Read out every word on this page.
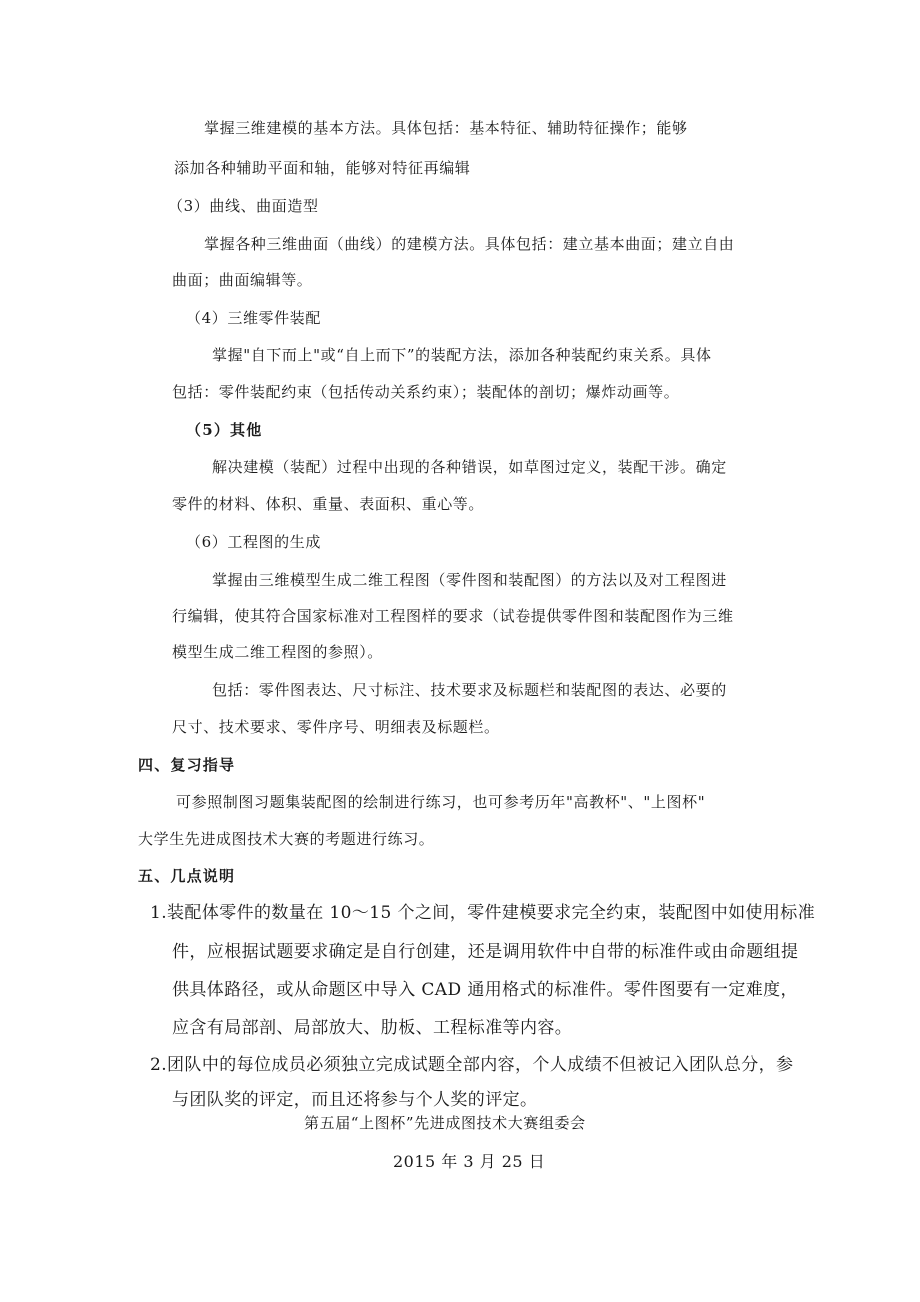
掌握三维建模的基本方法。具体包括：基本特征、辅助特征操作；能够
添加各种辅助平面和轴，能够对特征再编辑
（3）曲线、曲面造型
掌握各种三维曲面（曲线）的建模方法。具体包括：建立基本曲面；建立自由
曲面；曲面编辑等。
（4）三维零件装配
掌握"自下而上"或“自上而下”的装配方法，添加各种装配约束关系。具体
包括：零件装配约束（包括传动关系约束）；装配体的剖切；爆炸动画等。
（5）其他
解决建模（装配）过程中出现的各种错误，如草图过定义，装配干涉。确定
零件的材料、体积、重量、表面积、重心等。
（6）工程图的生成
掌握由三维模型生成二维工程图（零件图和装配图）的方法以及对工程图进
行编辑，使其符合国家标准对工程图样的要求（试卷提供零件图和装配图作为三维
模型生成二维工程图的参照）。
包括：零件图表达、尺寸标注、技术要求及标题栏和装配图的表达、必要的
尺寸、技术要求、零件序号、明细表及标题栏。
四、复习指导
可参照制图习题集装配图的绘制进行练习，也可参考历年"高教杯"、"上图杯"
大学生先进成图技术大赛的考题进行练习。
五、几点说明
1.装配体零件的数量在 10～15 个之间，零件建模要求完全约束，装配图中如使用标准
件，应根据试题要求确定是自行创建，还是调用软件中自带的标准件或由命题组提
供具体路径，或从命题区中导入 CAD 通用格式的标准件。零件图要有一定难度，
应含有局部剖、局部放大、肋板、工程标准等内容。
2.团队中的每位成员必须独立完成试题全部内容，个人成绩不但被记入团队总分，参
与团队奖的评定，而且还将参与个人奖的评定。
第五届“上图杯”先进成图技术大赛组委会
2015 年 3 月 25 日
